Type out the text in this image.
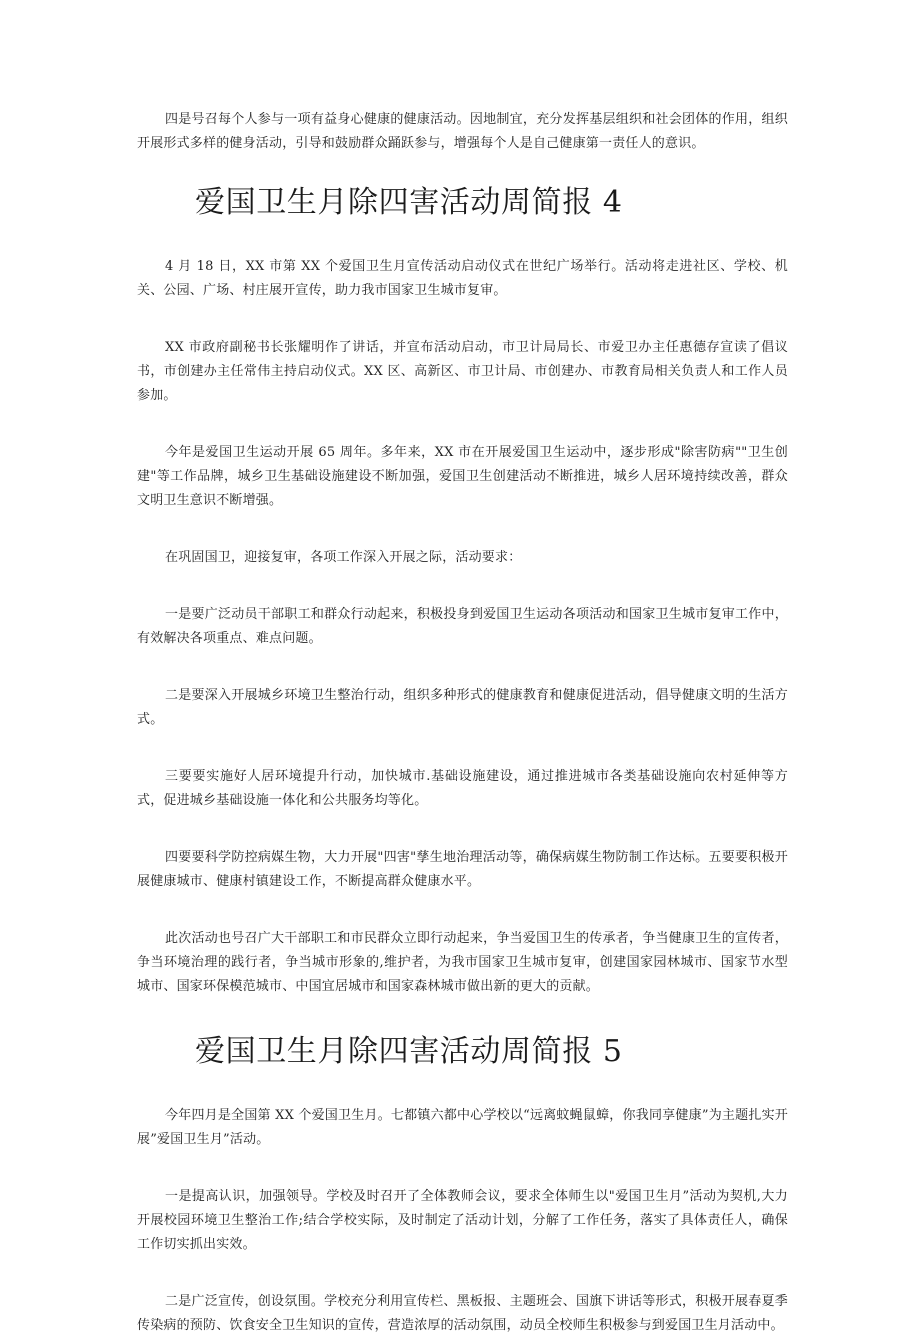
四是号召每个人参与一项有益身心健康的健康活动。因地制宜，充分发挥基层组织和社会团体的作用，组织开展形式多样的健身活动，引导和鼓励群众踊跃参与，增强每个人是自己健康第一责任人的意识。

爱国卫生月除四害活动周简报 4

4 月 18 日，XX 市第 XX 个爱国卫生月宣传活动启动仪式在世纪广场举行。活动将走进社区、学校、机关、公园、广场、村庄展开宣传，助力我市国家卫生城市复审。

XX 市政府副秘书长张耀明作了讲话，并宣布活动启动，市卫计局局长、市爱卫办主任惠德存宣读了倡议书，市创建办主任常伟主持启动仪式。XX 区、高新区、市卫计局、市创建办、市教育局相关负责人和工作人员参加。

今年是爱国卫生运动开展 65 周年。多年来，XX 市在开展爱国卫生运动中，逐步形成"除害防病""卫生创建"等工作品牌，城乡卫生基础设施建设不断加强，爱国卫生创建活动不断推进，城乡人居环境持续改善，群众文明卫生意识不断增强。

在巩固国卫，迎接复审，各项工作深入开展之际，活动要求：

一是要广泛动员干部职工和群众行动起来，积极投身到爱国卫生运动各项活动和国家卫生城市复审工作中，有效解决各项重点、难点问题。

二是要深入开展城乡环境卫生整治行动，组织多种形式的健康教育和健康促进活动，倡导健康文明的生活方式。

三要要实施好人居环境提升行动，加快城市.基础设施建设，通过推进城市各类基础设施向农村延伸等方式，促进城乡基础设施一体化和公共服务均等化。

四要要科学防控病媒生物，大力开展"四害"孳生地治理活动等，确保病媒生物防制工作达标。五要要积极开展健康城市、健康村镇建设工作，不断提高群众健康水平。

此次活动也号召广大干部职工和市民群众立即行动起来，争当爱国卫生的传承者，争当健康卫生的宣传者，争当环境治理的践行者，争当城市形象的,维护者，为我市国家卫生城市复审，创建国家园林城市、国家节水型城市、国家环保模范城市、中国宜居城市和国家森林城市做出新的更大的贡献。

爱国卫生月除四害活动周简报 5

今年四月是全国第 XX 个爱国卫生月。七都镇六都中心学校以“远离蚊蝇鼠蟑，你我同享健康”为主题扎实开展”爱国卫生月”活动。

一是提高认识，加强领导。学校及时召开了全体教师会议，要求全体师生以"爱国卫生月”活动为契机,大力开展校园环境卫生整治工作;结合学校实际，及时制定了活动计划，分解了工作任务，落实了具体责任人，确保工作切实抓出实效。

二是广泛宣传，创设氛围。学校充分利用宣传栏、黑板报、主题班会、国旗下讲话等形式，积极开展春夏季传染病的预防、饮食安全卫生知识的宣传，营造浓厚的活动氛围，动员全校师生积极参与到爱国卫生月活动中。
